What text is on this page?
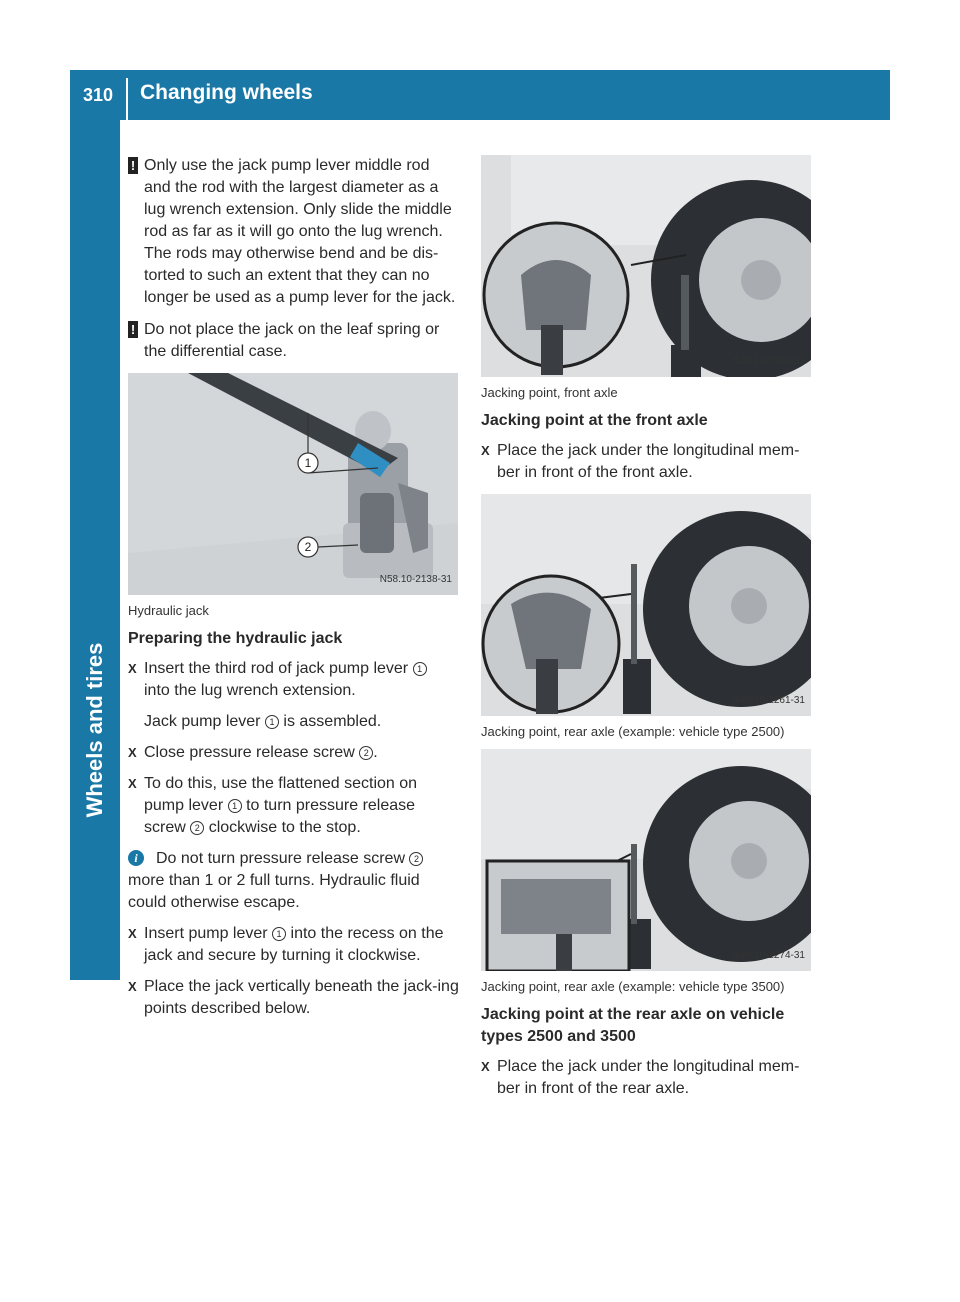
310	Changing wheels
Wheels and tires

! Only use the jack pump lever middle rod and the rod with the largest diameter as a lug wrench extension. Only slide the middle rod as far as it will go onto the lug wrench. The rods may otherwise bend and be dis-torted to such an extent that they can no longer be used as a pump lever for the jack.

! Do not place the jack on the leaf spring or the differential case.

1
2
N58.10-2138-31

Hydraulic jack

Preparing the hydraulic jack

X Insert the third rod of jack pump lever 1
into the lug wrench extension.

Jack pump lever 1 is assembled.

X Close pressure release screw 2 .

X To do this, use the flattened section on pump lever 1 to turn pressure release screw 2 clockwise to the stop.

i	Do not turn pressure release screw 2

more than 1 or 2 full turns. Hydraulic fluid could otherwise escape.

X Insert pump lever 1 into the recess on the jack and secure by turning it clockwise.

X Place the jack vertically beneath the jack-ing points described below.

N40.10-2260-31

Jacking point, front axle

Jacking point at the front axle

X Place the jack under the longitudinal mem-ber in front of the front axle.

N40.10-2261-31

Jacking point, rear axle (example: vehicle type 2500)

N40.10-2274-31

Jacking point, rear axle (example: vehicle type 3500)

Jacking point at the rear axle on vehicle types 2500 and 3500

X Place the jack under the longitudinal mem-ber in front of the rear axle.
